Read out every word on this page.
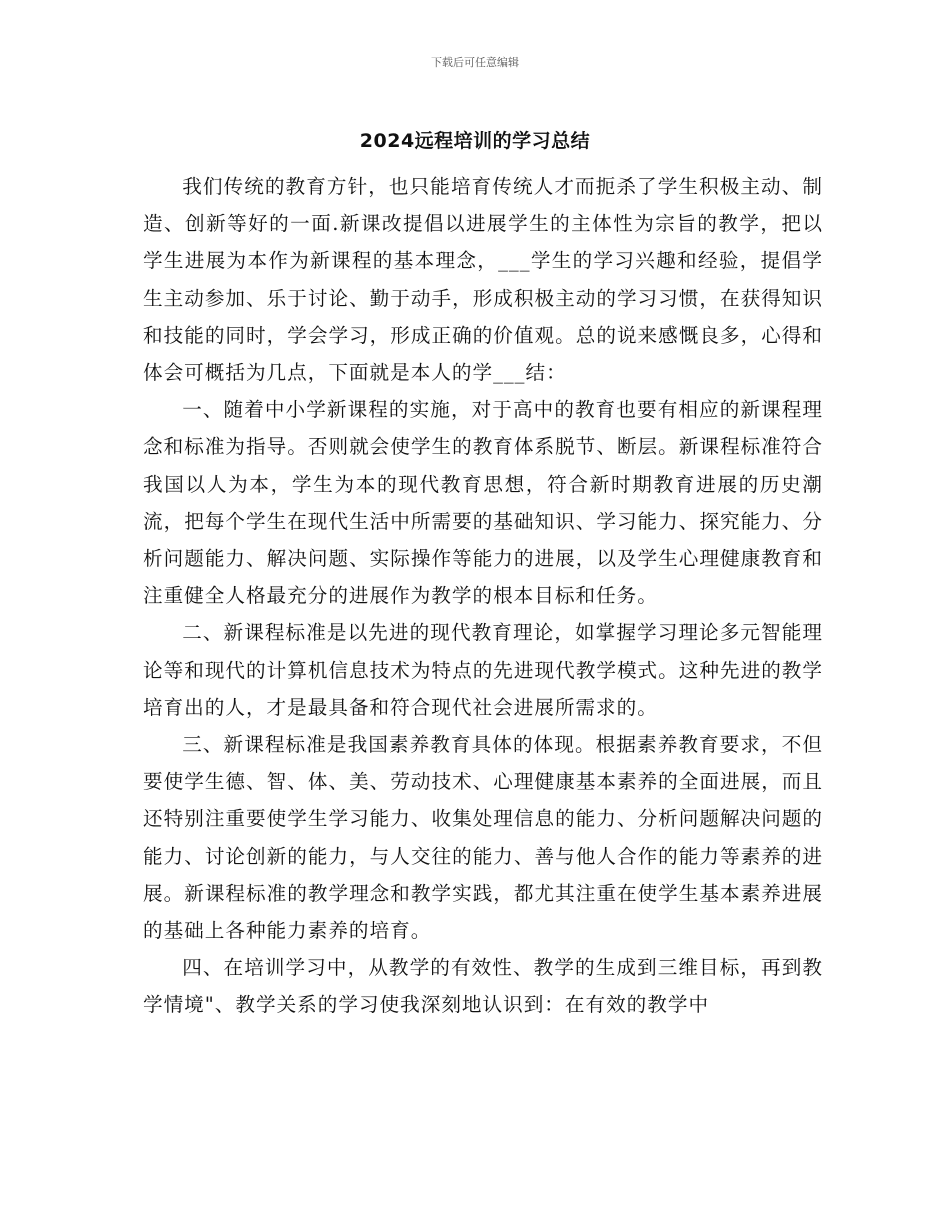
下载后可任意编辑
2024远程培训的学习总结

我们传统的教育方针，也只能培育传统人才而扼杀了学生积极主动、制造、创新等好的一面.新课改提倡以进展学生的主体性为宗旨的教学，把以学生进展为本作为新课程的基本理念，___学生的学习兴趣和经验，提倡学生主动参加、乐于讨论、勤于动手，形成积极主动的学习习惯，在获得知识和技能的同时，学会学习，形成正确的价值观。总的说来感慨良多，心得和体会可概括为几点，下面就是本人的学___结：

一、随着中小学新课程的实施，对于高中的教育也要有相应的新课程理念和标准为指导。否则就会使学生的教育体系脱节、断层。新课程标准符合我国以人为本，学生为本的现代教育思想，符合新时期教育进展的历史潮流，把每个学生在现代生活中所需要的基础知识、学习能力、探究能力、分析问题能力、解决问题、实际操作等能力的进展，以及学生心理健康教育和注重健全人格最充分的进展作为教学的根本目标和任务。

二、新课程标准是以先进的现代教育理论，如掌握学习理论多元智能理论等和现代的计算机信息技术为特点的先进现代教学模式。这种先进的教学培育出的人，才是最具备和符合现代社会进展所需求的。

三、新课程标准是我国素养教育具体的体现。根据素养教育要求，不但要使学生德、智、体、美、劳动技术、心理健康基本素养的全面进展，而且还特别注重要使学生学习能力、收集处理信息的能力、分析问题解决问题的能力、讨论创新的能力，与人交往的能力、善与他人合作的能力等素养的进展。新课程标准的教学理念和教学实践，都尤其注重在使学生基本素养进展的基础上各种能力素养的培育。

四、在培训学习中，从教学的有效性、教学的生成到三维目标，再到教学情境"、教学关系的学习使我深刻地认识到：在有效的教学中
